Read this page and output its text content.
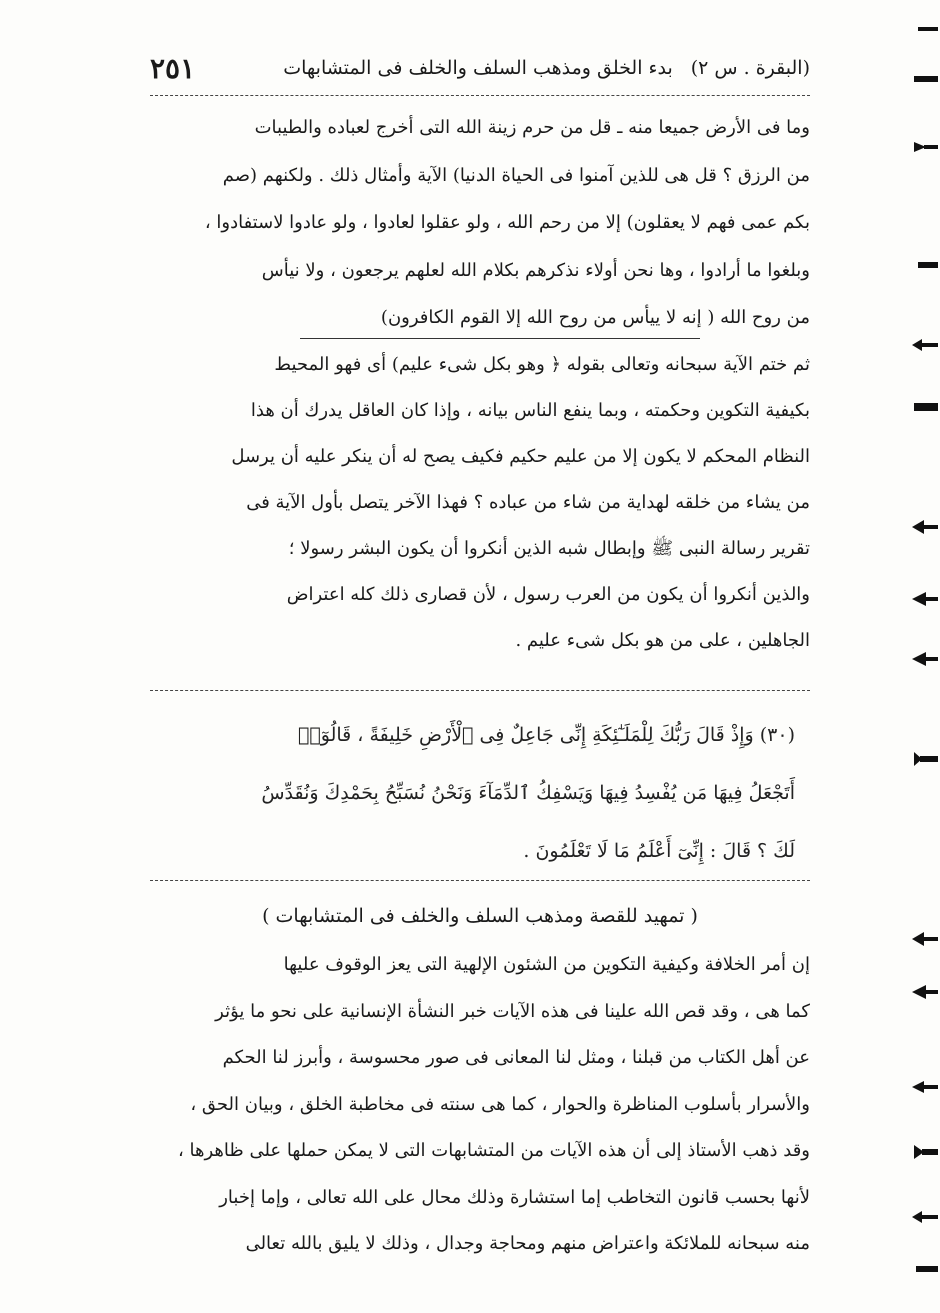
(البقرة . س ٢)
بدء الخلق ومذهب السلف والخلف فى المتشابهات
٢٥١

وما فى الأرض جميعا منه ـ قل من حرم زينة الله التى أخرج لعباده والطيبات

من الرزق ؟ قل هى للذين آمنوا فى الحياة الدنيا) الآية وأمثال ذلك . ولكنهم (صم

بكم عمى فهم لا يعقلون) إلا من رحم الله ، ولو عقلوا لعادوا ، ولو عادوا لاستفادوا ،

وبلغوا ما أرادوا ، وها نحن أولاء نذكرهم بكلام الله لعلهم يرجعون ، ولا نيأس

من روح الله ( إنه لا ييأس من روح الله إلا القوم الكافرون)

ثم ختم الآية سبحانه وتعالى بقوله ﴿ وهو بكل شىء عليم) أى فهو المحيط

بكيفية التكوين وحكمته ، وبما ينفع الناس بيانه ، وإذا كان العاقل يدرك أن هذا

النظام المحكم لا يكون إلا من عليم حكيم فكيف يصح له أن ينكر عليه أن يرسل

من يشاء من خلقه لهداية من شاء من عباده ؟ فهذا الآخر يتصل بأول الآية فى

تقرير رسالة النبى ﷺ وإبطال شبه الذين أنكروا أن يكون البشر رسولا ؛

والذين أنكروا أن يكون من العرب رسول ، لأن قصارى ذلك كله اعتراض

الجاهلين ، على من هو بكل شىء عليم .

(٣٠) وَإِذْ قَالَ رَبُّكَ لِلْمَلَـٰٓئِكَةِ إِنِّى جَاعِلٌ فِى ٱلْأَرْضِ خَلِيفَةً ، قَالُوٓا۟

أَتَجْعَلُ فِيهَا مَن يُفْسِدُ فِيهَا وَيَسْفِكُ ٱلدِّمَآءَ وَنَحْنُ نُسَبِّحُ بِحَمْدِكَ وَنُقَدِّسُ

لَكَ ؟ قَالَ : إِنِّىٓ أَعْلَمُ مَا لَا تَعْلَمُونَ .

( تمهيد للقصة ومذهب السلف والخلف فى المتشابهات )

إن أمر الخلافة وكيفية التكوين من الشئون الإلهية التى يعز الوقوف عليها

كما هى ، وقد قص الله علينا فى هذه الآيات خبر النشأة الإنسانية على نحو ما يؤثر

عن أهل الكتاب من قبلنا ، ومثل لنا المعانى فى صور محسوسة ، وأبرز لنا الحكم

والأسرار بأسلوب المناظرة والحوار ، كما هى سنته فى مخاطبة الخلق ، وبيان الحق ،

وقد ذهب الأستاذ إلى أن هذه الآيات من المتشابهات التى لا يمكن حملها على ظاهرها ،

لأنها بحسب قانون التخاطب إما استشارة وذلك محال على الله تعالى ، وإما إخبار

منه سبحانه للملائكة واعتراض منهم ومحاجة وجدال ، وذلك لا يليق بالله تعالى
